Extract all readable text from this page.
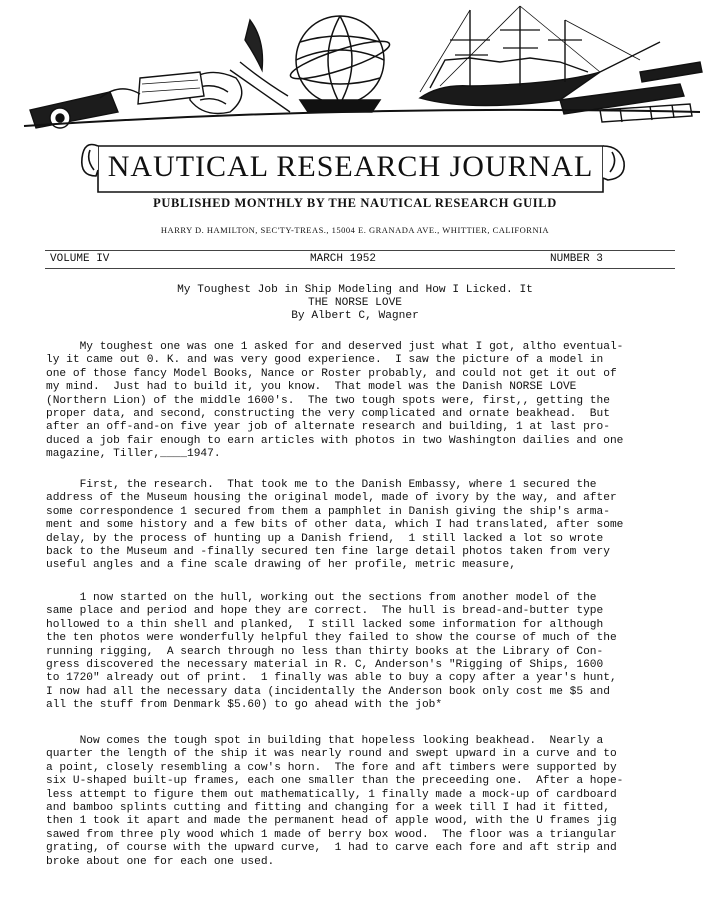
NAUTICAL RESEARCH JOURNAL
PUBLISHED MONTHLY BY THE NAUTICAL RESEARCH GUILD
HARRY D. HAMILTON, SEC'TY-TREAS., 15004 E. GRANADA AVE., WHITTIER, CALIFORNIA
VOLUME IV	MARCH 1952	NUMBER 3
My Toughest Job in Ship Modeling and How I Licked. It
THE NORSE LOVE
By Albert C, Wagner
My toughest one was one 1 asked for and deserved just what I got, altho eventual-
ly it came out 0. K. and was very good experience.  I saw the picture of a model in
one of those fancy Model Books, Nance or Roster probably, and could not get it out of
my mind.  Just had to build it, you know.  That model was the Danish NORSE LOVE
(Northern Lion) of the middle 1600's.  The two tough spots were, first,, getting the
proper data, and second, constructing the very complicated and ornate beakhead.  But
after an off-and-on five year job of alternate research and building, 1 at last pro-
duced a job fair enough to earn articles with photos in two Washington dailies and one
magazine, Tiller,____1947.
First, the research.  That took me to the Danish Embassy, where 1 secured the
address of the Museum housing the original model, made of ivory by the way, and after
some correspondence 1 secured from them a pamphlet in Danish giving the ship's arma-
ment and some history and a few bits of other data, which I had translated, after some
delay, by the process of hunting up a Danish friend,  1 still lacked a lot so wrote
back to the Museum and -finally secured ten fine large detail photos taken from very
useful angles and a fine scale drawing of her profile, metric measure,
1 now started on the hull, working out the sections from another model of the
same place and period and hope they are correct.  The hull is bread-and-butter type
hollowed to a thin shell and planked,  I still lacked some information for although
the ten photos were wonderfully helpful they failed to show the course of much of the
running rigging,  A search through no less than thirty books at the Library of Con-
gress discovered the necessary material in R. C, Anderson's "Rigging of Ships, 1600
to 1720" already out of print.  1 finally was able to buy a copy after a year's hunt,
I now had all the necessary data (incidentally the Anderson book only cost me $5 and
all the stuff from Denmark $5.60) to go ahead with the job*
Now comes the tough spot in building that hopeless looking beakhead.  Nearly a
quarter the length of the ship it was nearly round and swept upward in a curve and to
a point, closely resembling a cow's horn.  The fore and aft timbers were supported by
six U-shaped built-up frames, each one smaller than the preceeding one.  After a hope-
less attempt to figure them out mathematically, 1 finally made a mock-up of cardboard
and bamboo splints cutting and fitting and changing for a week till I had it fitted,
then 1 took it apart and made the permanent head of apple wood, with the U frames jig
sawed from three ply wood which 1 made of berry box wood.  The floor was a triangular
grating, of course with the upward curve,  1 had to carve each fore and aft strip and
broke about one for each one used.
